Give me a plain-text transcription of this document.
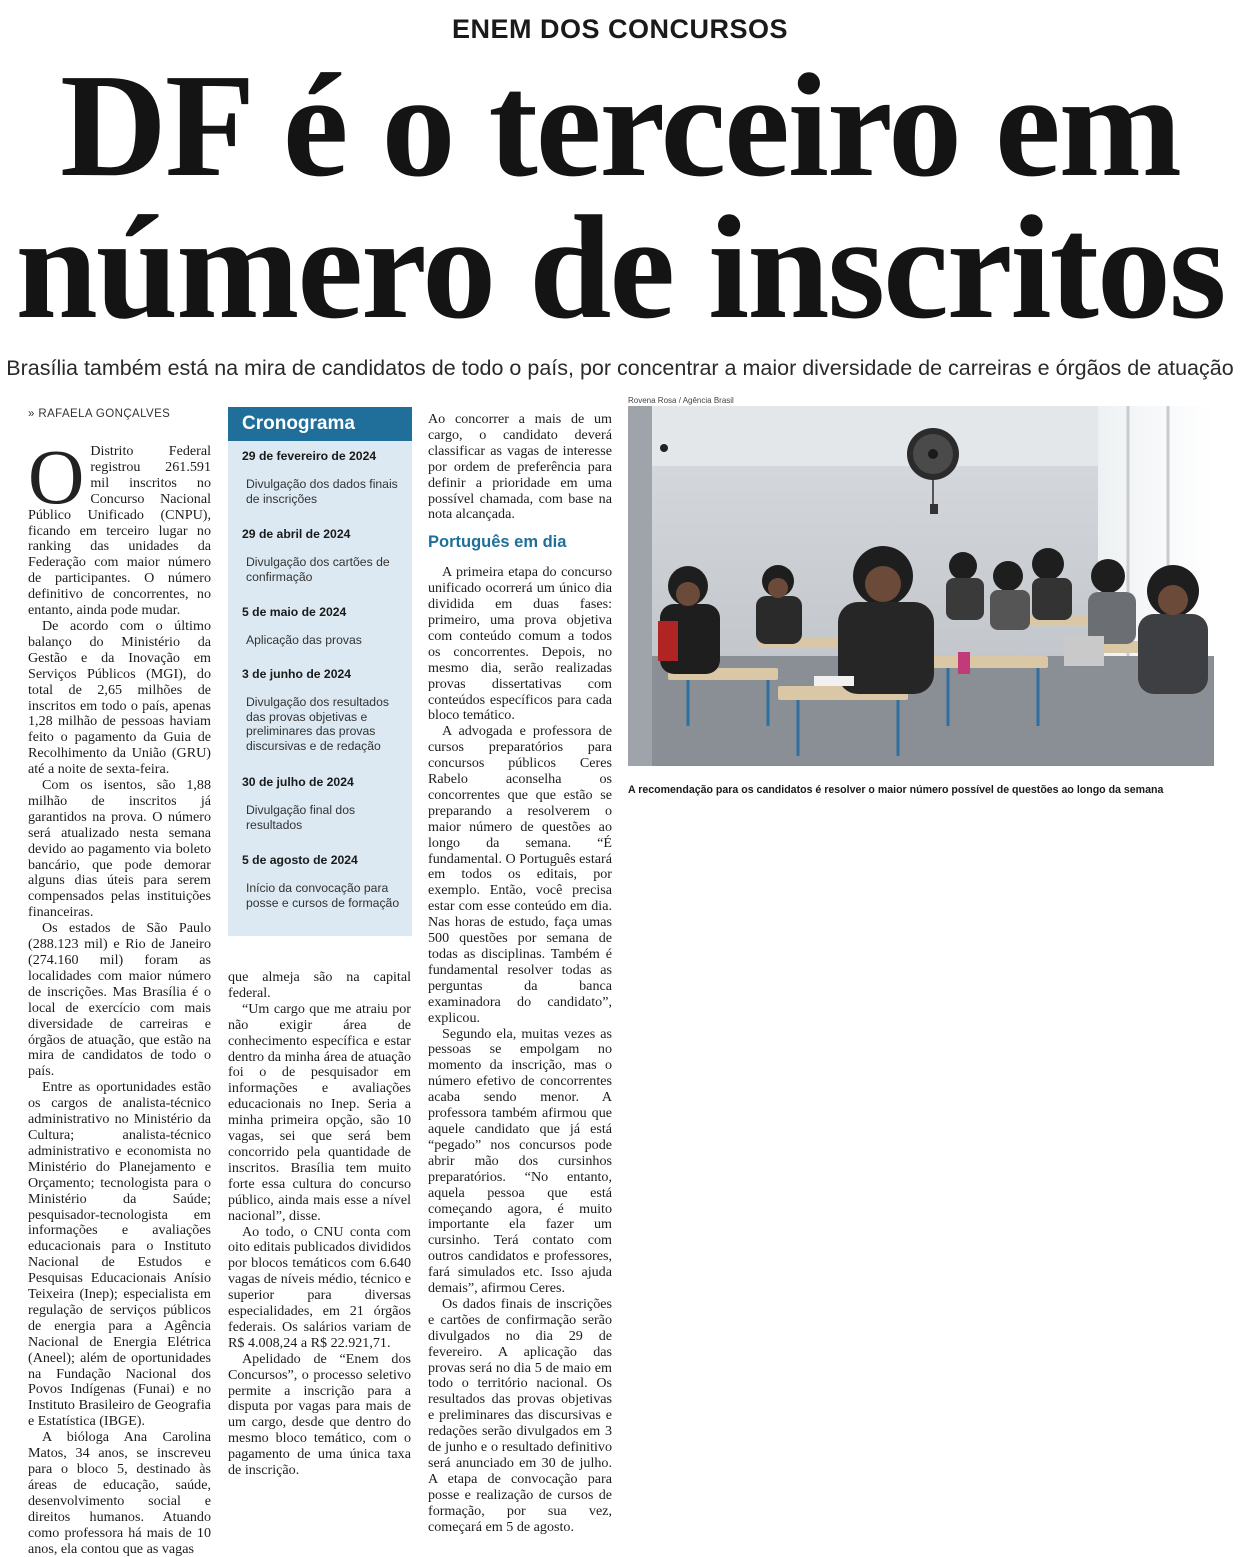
ENEM DOS CONCURSOS
DF é o terceiro em
número de inscritos
Brasília também está na mira de candidatos de todo o país, por concentrar a maior diversidade de carreiras e órgãos de atuação
» RAFAELA GONÇALVES

O Distrito Federal registrou 261.591 mil inscritos no Concurso Nacional Público Unificado (CNPU), ficando em terceiro lugar no ranking das unidades da Federação com maior número de participantes. O número definitivo de concorrentes, no entanto, ainda pode mudar.

De acordo com o último balanço do Ministério da Gestão e da Inovação em Serviços Públicos (MGI), do total de 2,65 milhões de inscritos em todo o país, apenas 1,28 milhão de pessoas haviam feito o pagamento da Guia de Recolhimento da União (GRU) até a noite de sexta-feira.

Com os isentos, são 1,88 milhão de inscritos já garantidos na prova. O número será atualizado nesta semana devido ao pagamento via boleto bancário, que pode demorar alguns dias úteis para serem compensados pelas instituições financeiras.

Os estados de São Paulo (288.123 mil) e Rio de Janeiro (274.160 mil) foram as localidades com maior número de inscrições. Mas Brasília é o local de exercício com mais diversidade de carreiras e órgãos de atuação, que estão na mira de candidatos de todo o país.

Entre as oportunidades estão os cargos de analista-técnico administrativo no Ministério da Cultura; analista-técnico administrativo e economista no Ministério do Planejamento e Orçamento; tecnologista para o Ministério da Saúde; pesquisador-tecnologista em informações e avaliações educacionais para o Instituto Nacional de Estudos e Pesquisas Educacionais Anísio Teixeira (Inep); especialista em regulação de serviços públicos de energia para a Agência Nacional de Energia Elétrica (Aneel); além de oportunidades na Fundação Nacional dos Povos Indígenas (Funai) e no Instituto Brasileiro de Geografia e Estatística (IBGE).

A bióloga Ana Carolina Matos, 34 anos, se inscreveu para o bloco 5, destinado às áreas de educação, saúde, desenvolvimento social e direitos humanos. Atuando como professora há mais de 10 anos, ela contou que as vagas

Cronograma
29 de fevereiro de 2024
Divulgação dos dados finais de inscrições
29 de abril de 2024
Divulgação dos cartões de confirmação
5 de maio de 2024
Aplicação das provas
3 de junho de 2024
Divulgação dos resultados das provas objetivas e preliminares das provas discursivas e de redação
30 de julho de 2024
Divulgação final dos resultados
5 de agosto de 2024
Início da convocação para posse e cursos de formação

que almeja são na capital federal.

“Um cargo que me atraiu por não exigir área de conhecimento específica e estar dentro da minha área de atuação foi o de pesquisador em informações e avaliações educacionais no Inep. Seria a minha primeira opção, são 10 vagas, sei que será bem concorrido pela quantidade de inscritos. Brasília tem muito forte essa cultura do concurso público, ainda mais esse a nível nacional”, disse.

Ao todo, o CNU conta com oito editais publicados divididos por blocos temáticos com 6.640 vagas de níveis médio, técnico e superior para diversas especialidades, em 21 órgãos federais. Os salários variam de R$ 4.008,24 a R$ 22.921,71.

Apelidado de “Enem dos Concursos”, o processo seletivo permite a inscrição para a disputa por vagas para mais de um cargo, desde que dentro do mesmo bloco temático, com o pagamento de uma única taxa de inscrição.

Ao concorrer a mais de um cargo, o candidato deverá classificar as vagas de interesse por ordem de preferência para definir a prioridade em uma possível chamada, com base na nota alcançada.

Português em dia

A primeira etapa do concurso unificado ocorrerá um único dia dividida em duas fases: primeiro, uma prova objetiva com conteúdo comum a todos os concorrentes. Depois, no mesmo dia, serão realizadas provas dissertativas com conteúdos específicos para cada bloco temático.

A advogada e professora de cursos preparatórios para concursos públicos Ceres Rabelo aconselha os concorrentes que que estão se preparando a resolverem o maior número de questões ao longo da semana. “É fundamental. O Português estará em todos os editais, por exemplo. Então, você precisa estar com esse conteúdo em dia. Nas horas de estudo, faça umas 500 questões por semana de todas as disciplinas. Também é fundamental resolver todas as perguntas da banca examinadora do candidato”, explicou.

Segundo ela, muitas vezes as pessoas se empolgam no momento da inscrição, mas o número efetivo de concorrentes acaba sendo menor. A professora também afirmou que aquele candidato que já está “pegado” nos concursos pode abrir mão dos cursinhos preparatórios. “No entanto, aquela pessoa que está começando agora, é muito importante ela fazer um cursinho. Terá contato com outros candidatos e professores, fará simulados etc. Isso ajuda demais”, afirmou Ceres.

Os dados finais de inscrições e cartões de confirmação serão divulgados no dia 29 de fevereiro. A aplicação das provas será no dia 5 de maio em todo o território nacional. Os resultados das provas objetivas e preliminares das discursivas e redações serão divulgados em 3 de junho e o resultado definitivo será anunciado em 30 de julho. A etapa de convocação para posse e realização de cursos de formação, por sua vez, começará em 5 de agosto.

Rovena Rosa / Agência Brasil
A recomendação para os candidatos é resolver o maior número possível de questões ao longo da semana
